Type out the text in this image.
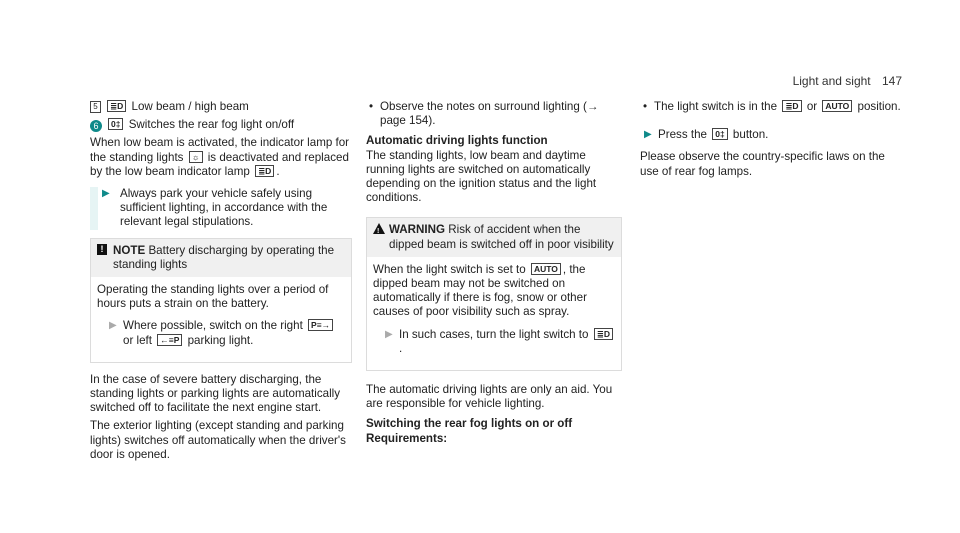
Light and sight 147

5 ≣D Low beam / high beam

6 0‡ Switches the rear fog light on/off

When low beam is activated, the indicator lamp for the standing lights ☼ is deactivated and replaced by the low beam indicator lamp ≣D .

▶ Always park your vehicle safely using sufficient lighting, in accordance with the relevant legal stipulations.
! NOTE Battery discharging by operating the standing lights

Operating the standing lights over a period of hours puts a strain on the battery.

▶ Where possible, switch on the right P≡→ or left ←≡P parking light.

In the case of severe battery discharging, the standing lights or parking lights are automatically switched off to facilitate the next engine start.

The exterior lighting (except standing and parking lights) switches off automatically when the driver's door is opened.

• Observe the notes on surround lighting (→ page 154).

Automatic driving lights function

The standing lights, low beam and daytime running lights are switched on automatically depending on the ignition status and the light conditions.

! WARNING Risk of accident when the dipped beam is switched off in poor visibility

When the light switch is set to AUTO , the dipped beam may not be switched on automatically if there is fog, snow or other causes of poor visibility such as spray.

▶ In such cases, turn the light switch to ≣D.

The automatic driving lights are only an aid. You are responsible for vehicle lighting.

Switching the rear fog lights on or off

Requirements:

• The light switch is in the ≣D or AUTO position.
▶ Press the 0‡ button.

Please observe the country-specific laws on the use of rear fog lamps.
